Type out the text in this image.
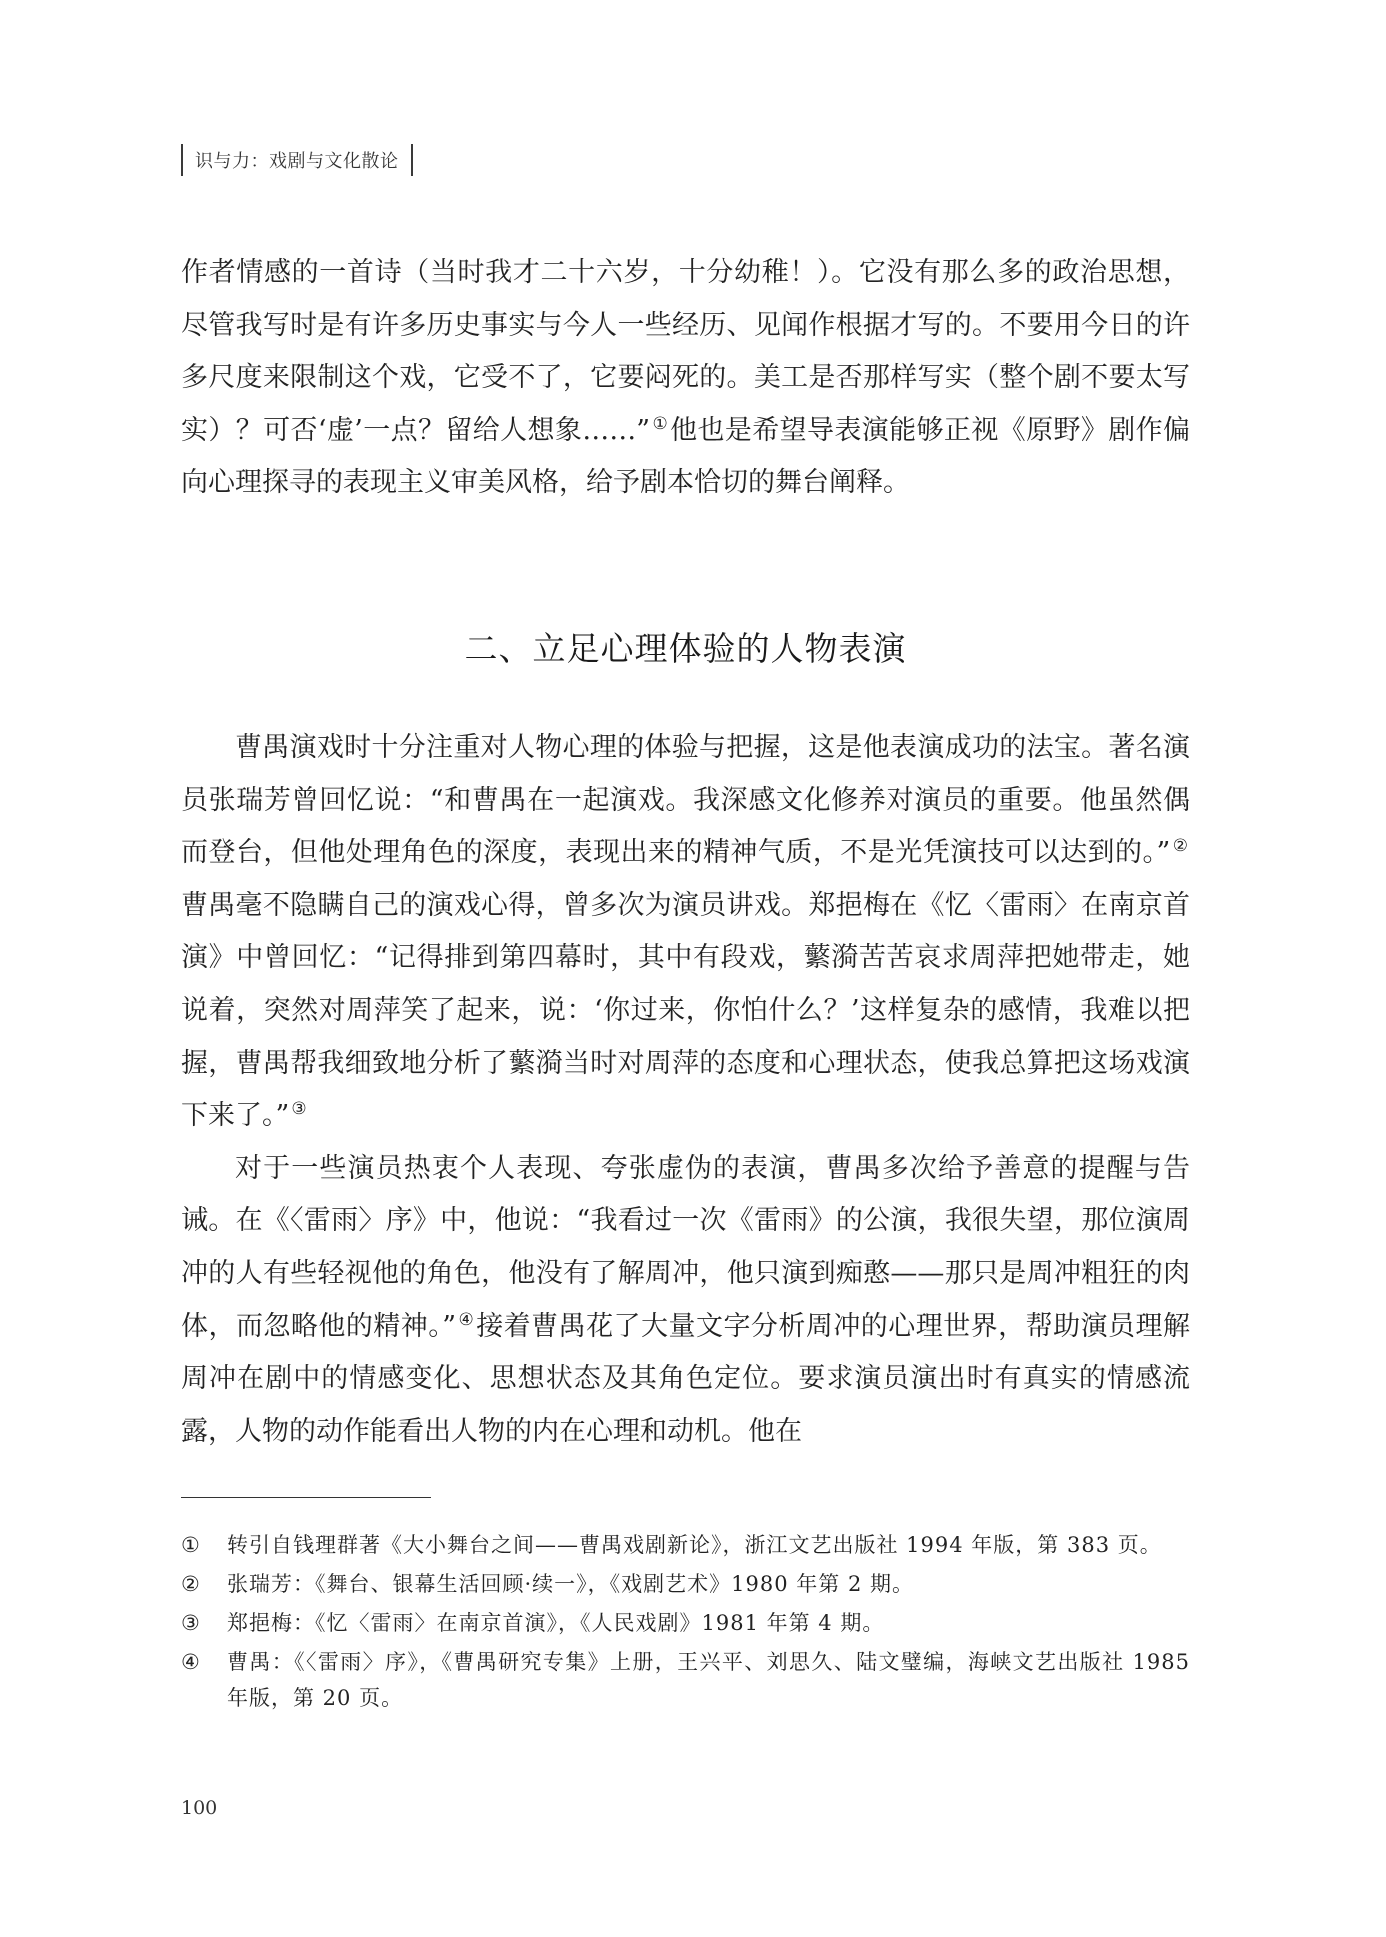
识与力：戏剧与文化散论

作者情感的一首诗（当时我才二十六岁，十分幼稚！）。它没有那么多的政治思想，尽管我写时是有许多历史事实与今人一些经历、见闻作根据才写的。不要用今日的许多尺度来限制这个戏，它受不了，它要闷死的。美工是否那样写实（整个剧不要太写实）？可否‘虚’一点？留给人想象……” ①他也是希望导表演能够正视《原野》剧作偏向心理探寻的表现主义审美风格，给予剧本恰切的舞台阐释。

二、立足心理体验的人物表演

曹禺演戏时十分注重对人物心理的体验与把握，这是他表演成功的法宝。著名演员张瑞芳曾回忆说：“和曹禺在一起演戏。我深感文化修养对演员的重要。他虽然偶而登台，但他处理角色的深度，表现出来的精神气质，不是光凭演技可以达到的。” ②曹禺毫不隐瞒自己的演戏心得，曾多次为演员讲戏。郑挹梅在《忆〈雷雨〉在南京首演》中曾回忆：“记得排到第四幕时，其中有段戏，蘩漪苦苦哀求周萍把她带走，她说着，突然对周萍笑了起来，说：‘你过来，你怕什么？’这样复杂的感情，我难以把握，曹禺帮我细致地分析了蘩漪当时对周萍的态度和心理状态，使我总算把这场戏演下来了。” ③

对于一些演员热衷个人表现、夸张虚伪的表演，曹禺多次给予善意的提醒与告诫。在《〈雷雨〉序》中，他说：“我看过一次《雷雨》的公演，我很失望，那位演周冲的人有些轻视他的角色，他没有了解周冲，他只演到痴憨——那只是周冲粗狂的肉体，而忽略他的精神。” ④接着曹禺花了大量文字分析周冲的心理世界，帮助演员理解周冲在剧中的情感变化、思想状态及其角色定位。要求演员演出时有真实的情感流露，人物的动作能看出人物的内在心理和动机。他在

①	转引自钱理群著《大小舞台之间——曹禺戏剧新论》，浙江文艺出版社 1994 年版，第 383 页。
②	张瑞芳：《舞台、银幕生活回顾·续一》，《戏剧艺术》1980 年第 2 期。
③	郑挹梅：《忆〈雷雨〉在南京首演》，《人民戏剧》1981 年第 4 期。
④	曹禺：《〈雷雨〉序》，《曹禺研究专集》上册，王兴平、刘思久、陆文璧编，海峡文艺出版社 1985 年版，第 20 页。
100
